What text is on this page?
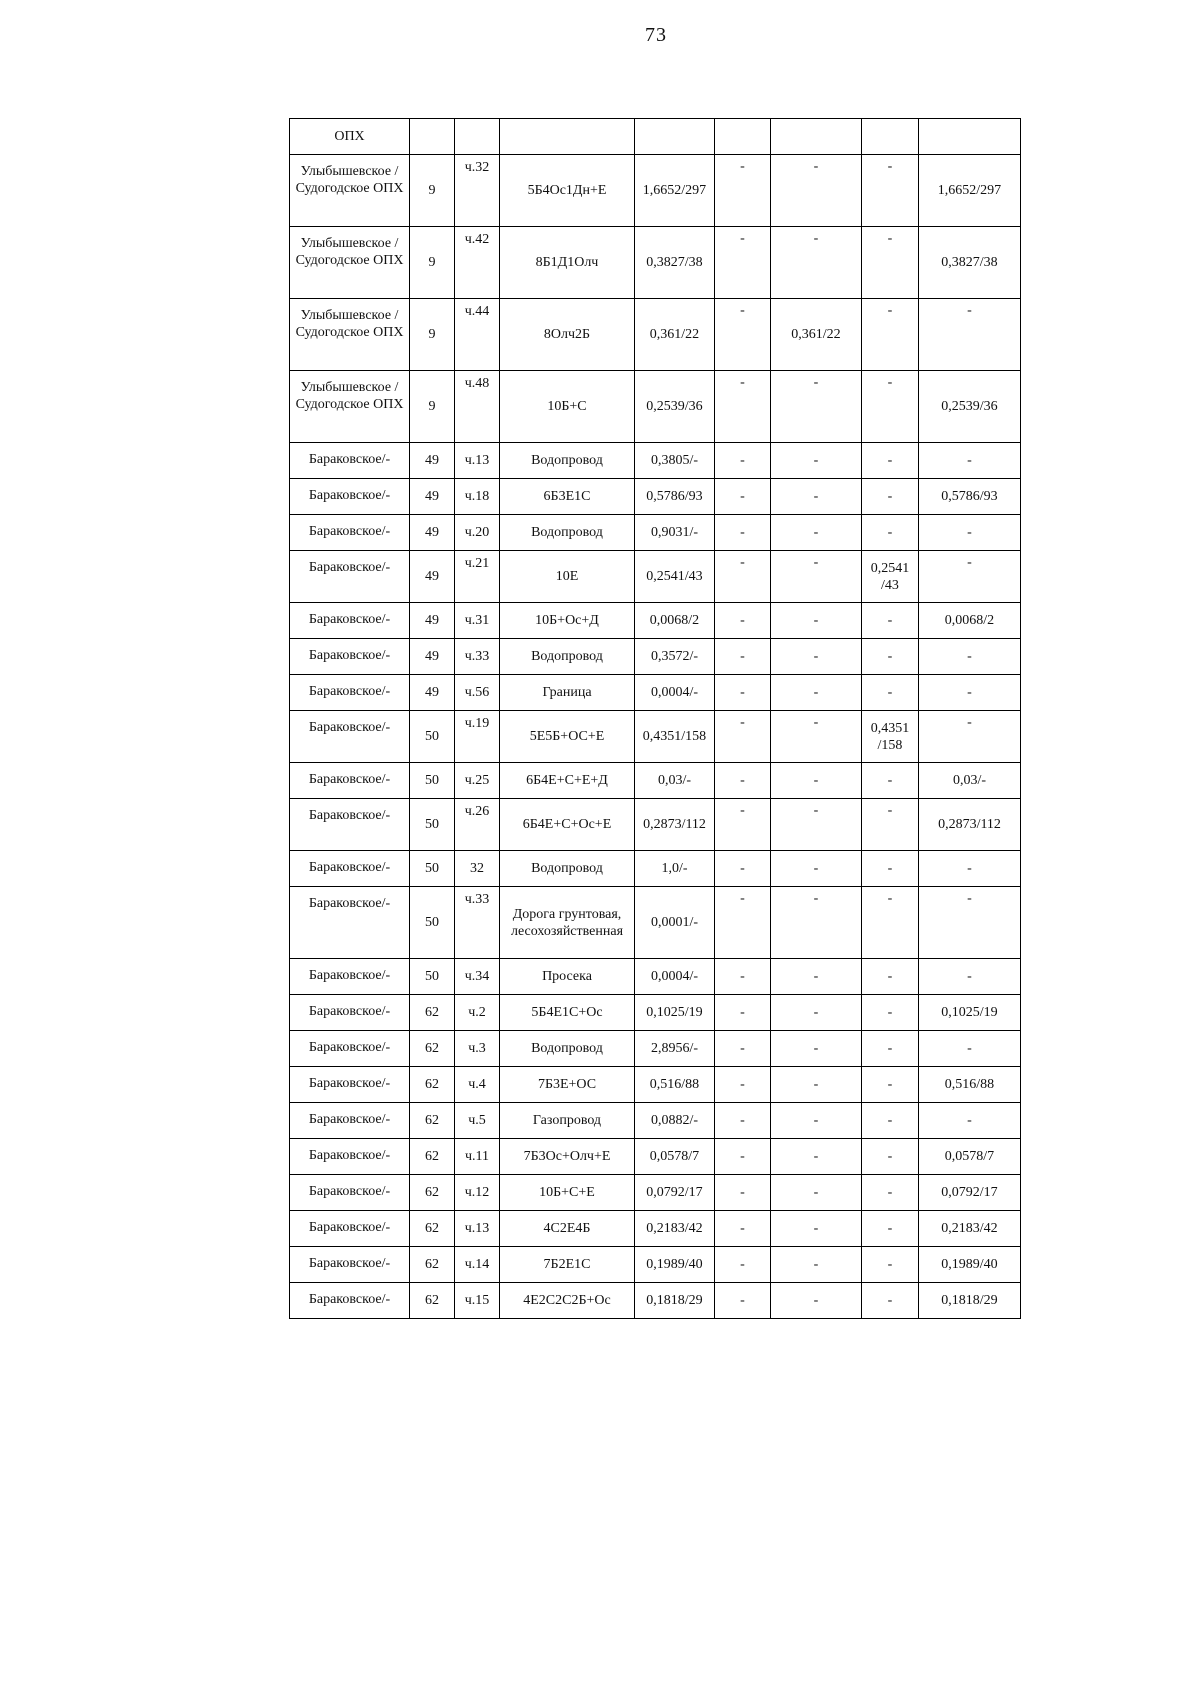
73
ОПХ								
Улыбышевское /Судогодское ОПХ	9	ч.32	5Б4Ос1Дн+Е	1,6652/297	-	-	-	1,6652/297
Улыбышевское /Судогодское ОПХ	9	ч.42	8Б1Д1Олч	0,3827/38	-	-	-	0,3827/38
Улыбышевское /Судогодское ОПХ	9	ч.44	8Олч2Б	0,361/22	-	0,361/22	-	-
Улыбышевское /Судогодское ОПХ	9	ч.48	10Б+С	0,2539/36	-	-	-	0,2539/36
Бараковское/-	49	ч.13	Водопровод	0,3805/-	-	-	-	-
Бараковское/-	49	ч.18	6Б3Е1С	0,5786/93	-	-	-	0,5786/93
Бараковское/-	49	ч.20	Водопровод	0,9031/-	-	-	-	-
Бараковское/-	49	ч.21	10Е	0,2541/43	-	-	0,2541 /43	-
Бараковское/-	49	ч.31	10Б+Ос+Д	0,0068/2	-	-	-	0,0068/2
Бараковское/-	49	ч.33	Водопровод	0,3572/-	-	-	-	-
Бараковское/-	49	ч.56	Граница	0,0004/-	-	-	-	-
Бараковское/-	50	ч.19	5Е5Б+ОС+Е	0,4351/158	-	-	0,4351 /158	-
Бараковское/-	50	ч.25	6Б4Е+С+Е+Д	0,03/-	-	-	-	0,03/-
Бараковское/-	50	ч.26	6Б4Е+С+Ос+Е	0,2873/112	-	-	-	0,2873/112
Бараковское/-	50	32	Водопровод	1,0/-	-	-	-	-
Бараковское/-	50	ч.33	Дорога грунтовая, лесохозяйственная	0,0001/-	-	-	-	-
Бараковское/-	50	ч.34	Просека	0,0004/-	-	-	-	-
Бараковское/-	62	ч.2	5Б4Е1С+Ос	0,1025/19	-	-	-	0,1025/19
Бараковское/-	62	ч.3	Водопровод	2,8956/-	-	-	-	-
Бараковское/-	62	ч.4	7Б3Е+ОС	0,516/88	-	-	-	0,516/88
Бараковское/-	62	ч.5	Газопровод	0,0882/-	-	-	-	-
Бараковское/-	62	ч.11	7Б3Ос+Олч+Е	0,0578/7	-	-	-	0,0578/7
Бараковское/-	62	ч.12	10Б+С+Е	0,0792/17	-	-	-	0,0792/17
Бараковское/-	62	ч.13	4С2Е4Б	0,2183/42	-	-	-	0,2183/42
Бараковское/-	62	ч.14	7Б2Е1С	0,1989/40	-	-	-	0,1989/40
Бараковское/-	62	ч.15	4Е2С2С2Б+Ос	0,1818/29	-	-	-	0,1818/29
